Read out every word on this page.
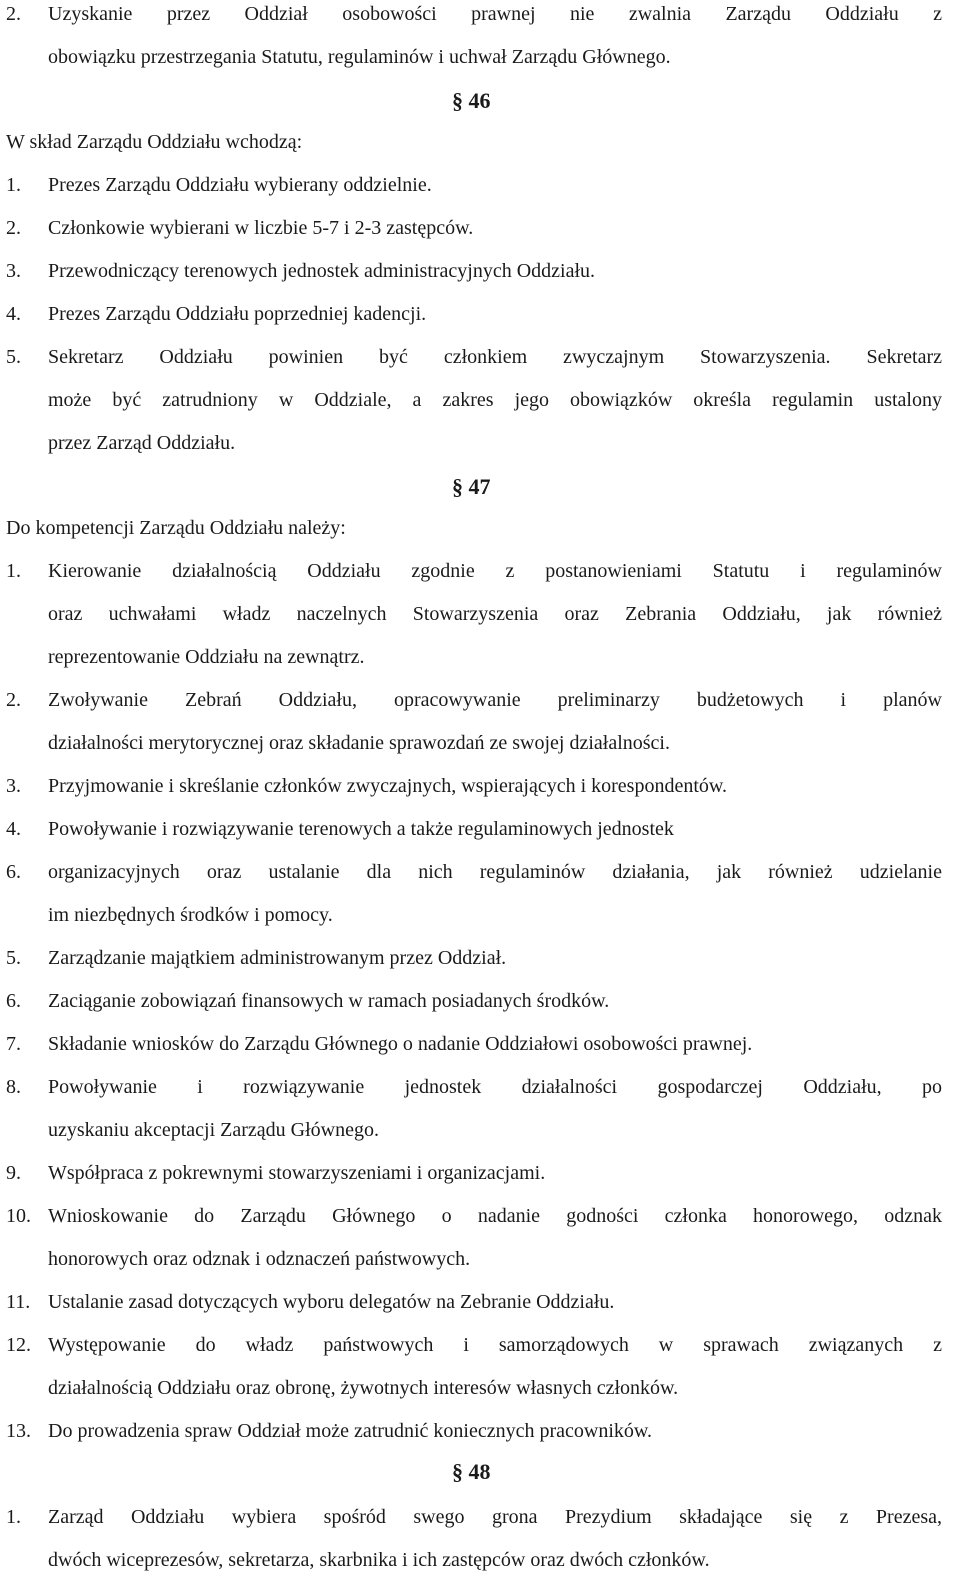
2. Uzyskanie przez Oddział osobowości prawnej nie zwalnia Zarządu Oddziału z
obowiązku przestrzegania Statutu, regulaminów i uchwał Zarządu Głównego.
§ 46
W skład Zarządu Oddziału wchodzą:
1. Prezes Zarządu Oddziału wybierany oddzielnie.
2. Członkowie wybierani w liczbie 5-7 i 2-3 zastępców.
3. Przewodniczący terenowych jednostek administracyjnych Oddziału.
4. Prezes Zarządu Oddziału poprzedniej kadencji.
5. Sekretarz Oddziału powinien być członkiem zwyczajnym Stowarzyszenia. Sekretarz
może być zatrudniony w Oddziale, a zakres jego obowiązków określa regulamin ustalony
przez Zarząd Oddziału.
§ 47
Do kompetencji Zarządu Oddziału należy:
1. Kierowanie działalnością Oddziału zgodnie z postanowieniami Statutu i regulaminów
oraz uchwałami władz naczelnych Stowarzyszenia oraz Zebrania Oddziału, jak również
reprezentowanie Oddziału na zewnątrz.
2. Zwoływanie Zebrań Oddziału, opracowywanie preliminarzy budżetowych i planów
działalności merytorycznej oraz składanie sprawozdań ze swojej działalności.
3. Przyjmowanie i skreślanie członków zwyczajnych, wspierających i korespondentów.
4. Powoływanie i rozwiązywanie terenowych a także regulaminowych jednostek
6. organizacyjnych oraz ustalanie dla nich regulaminów działania, jak również udzielanie
im niezbędnych środków i pomocy.
5. Zarządzanie majątkiem administrowanym przez Oddział.
6. Zaciąganie zobowiązań finansowych w ramach posiadanych środków.
7. Składanie wniosków do Zarządu Głównego o nadanie Oddziałowi osobowości prawnej.
8. Powoływanie i rozwiązywanie jednostek działalności gospodarczej Oddziału, po
uzyskaniu akceptacji Zarządu Głównego.
9. Współpraca z pokrewnymi stowarzyszeniami i organizacjami.
10. Wnioskowanie do Zarządu Głównego o nadanie godności członka honorowego, odznak
honorowych oraz odznak i odznaczeń państwowych.
11. Ustalanie zasad dotyczących wyboru delegatów na Zebranie Oddziału.
12. Występowanie do władz państwowych i samorządowych w sprawach związanych z
działalnością Oddziału oraz obronę, żywotnych interesów własnych członków.
13. Do prowadzenia spraw Oddział może zatrudnić koniecznych pracowników.
§ 48
1. Zarząd Oddziału wybiera spośród swego grona Prezydium składające się z Prezesa,
dwóch wiceprezesów, sekretarza, skarbnika i ich zastępców oraz dwóch członków.
